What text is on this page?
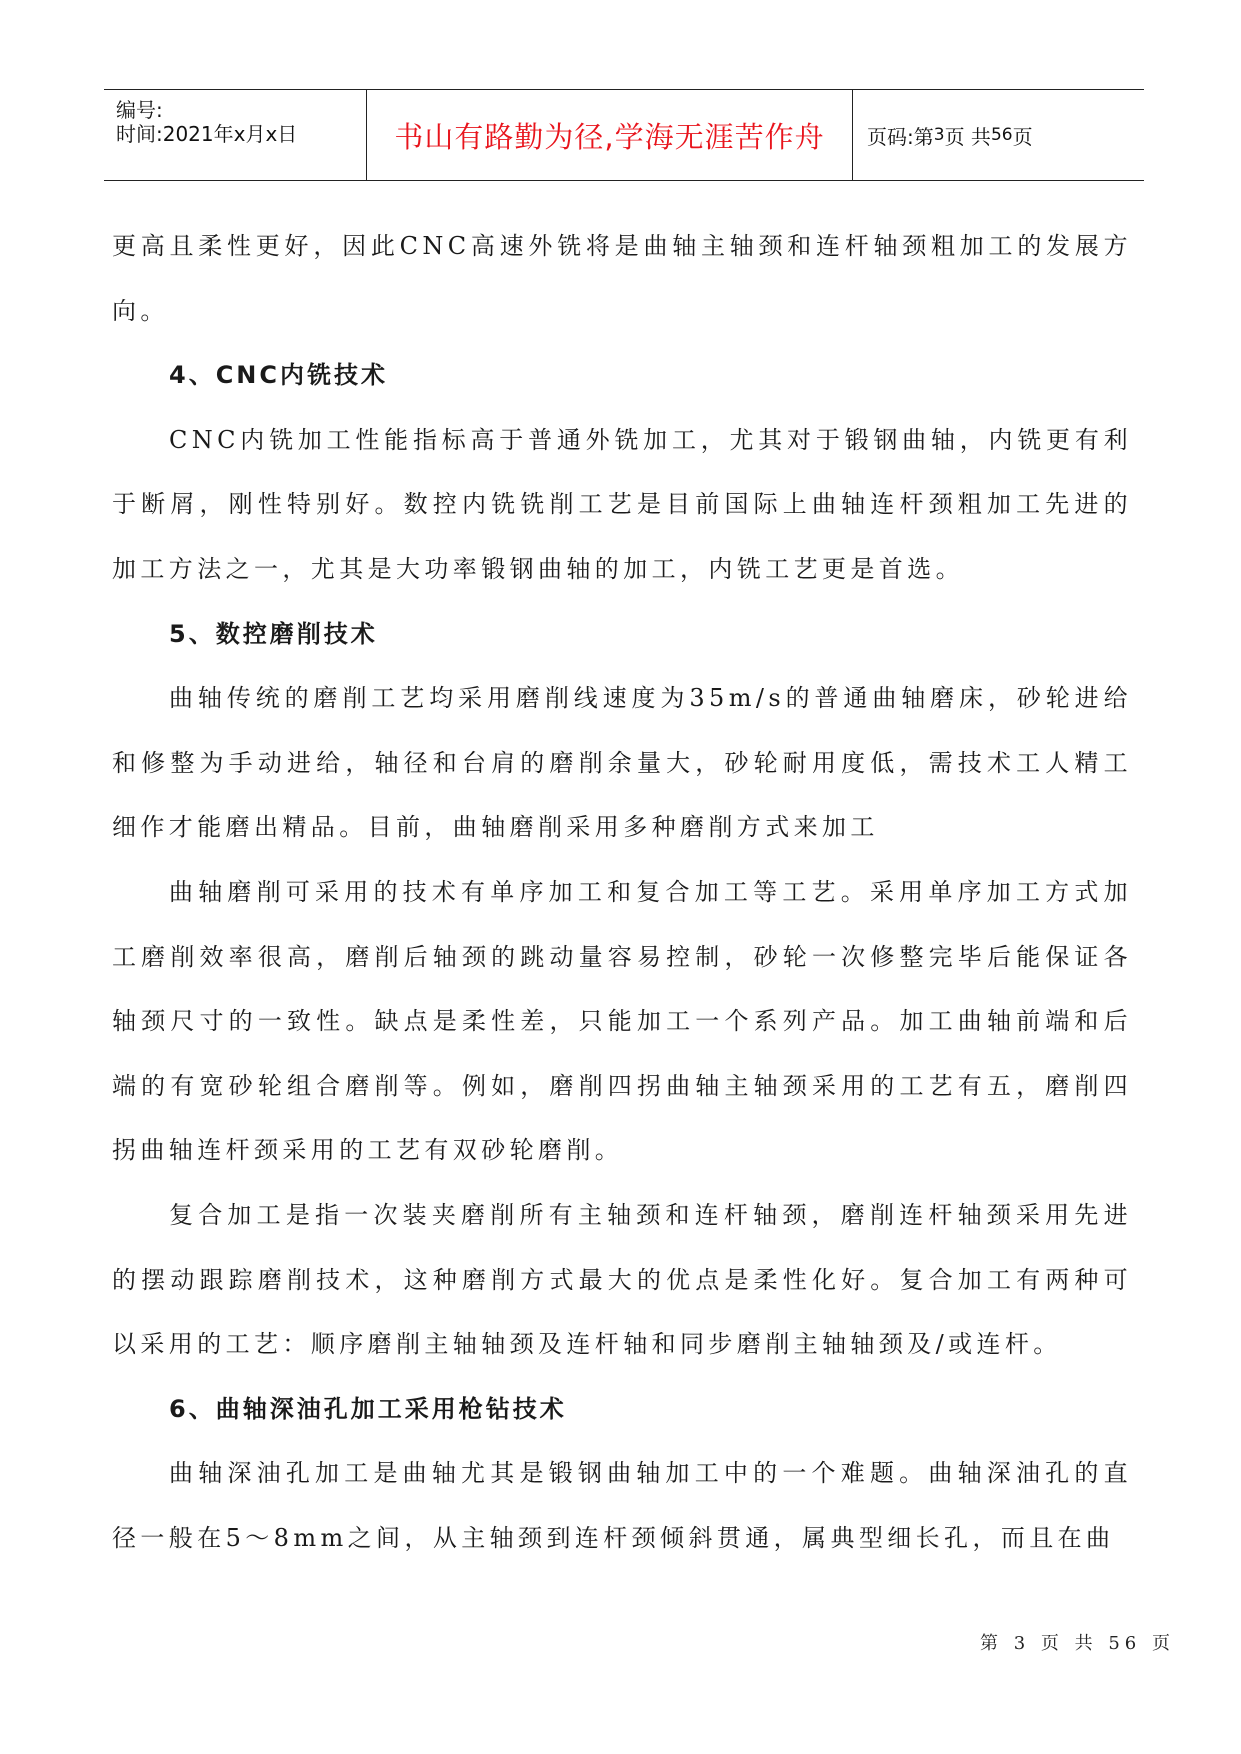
编号:
时间:2021年x月x日	书山有路勤为径,学海无涯苦作舟 页码:第 3 页 共 56 页

更高且柔性更好，因此CNC高速外铣将是曲轴主轴颈和连杆轴颈粗加工的发展方向。

4、CNC内铣技术

CNC内铣加工性能指标高于普通外铣加工，尤其对于锻钢曲轴，内铣更有利于断屑，刚性特别好。数控内铣铣削工艺是目前国际上曲轴连杆颈粗加工先进的加工方法之一，尤其是大功率锻钢曲轴的加工，内铣工艺更是首选。

5、数控磨削技术

曲轴传统的磨削工艺均采用磨削线速度为35m/s的普通曲轴磨床，砂轮进给和修整为手动进给，轴径和台肩的磨削余量大，砂轮耐用度低，需技术工人精工细作才能磨出精品。目前，曲轴磨削采用多种磨削方式来加工

曲轴磨削可采用的技术有单序加工和复合加工等工艺。采用单序加工方式加工磨削效率很高，磨削后轴颈的跳动量容易控制，砂轮一次修整完毕后能保证各轴颈尺寸的一致性。缺点是柔性差，只能加工一个系列产品。加工曲轴前端和后端的有宽砂轮组合磨削等。例如，磨削四拐曲轴主轴颈采用的工艺有五，磨削四拐曲轴连杆颈采用的工艺有双砂轮磨削。

复合加工是指一次装夹磨削所有主轴颈和连杆轴颈，磨削连杆轴颈采用先进的摆动跟踪磨削技术，这种磨削方式最大的优点是柔性化好。复合加工有两种可以采用的工艺：顺序磨削主轴轴颈及连杆轴和同步磨削主轴轴颈及/或连杆。

6、曲轴深油孔加工采用枪钻技术

曲轴深油孔加工是曲轴尤其是锻钢曲轴加工中的一个难题。曲轴深油孔的直径一般在5～8mm之间，从主轴颈到连杆颈倾斜贯通，属典型细长孔，而且在曲

第 3 页 共 56 页
